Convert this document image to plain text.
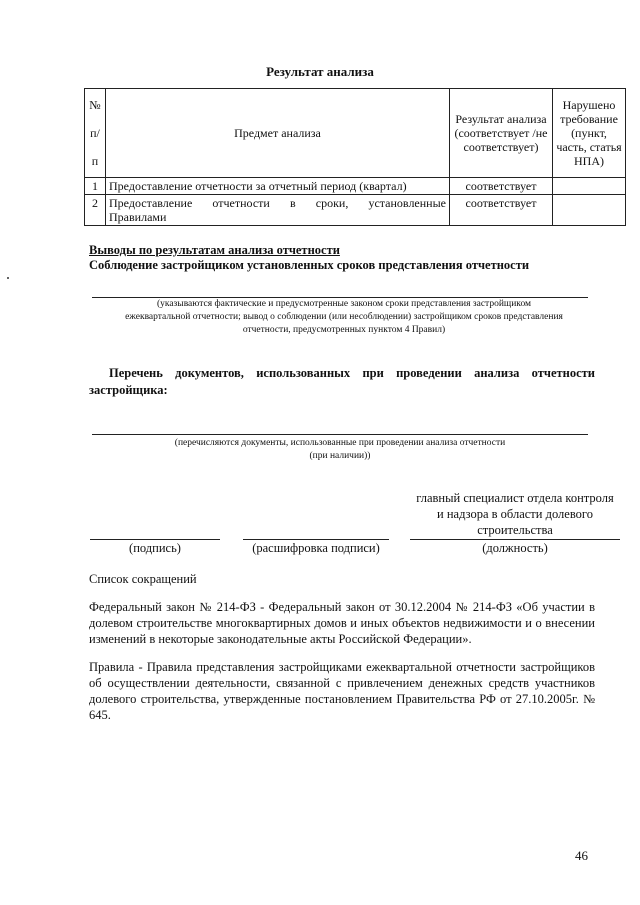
Результат анализа
№
п/
п	Предмет анализа	Результат анализа (соответствует /не соответствует)	Нарушено требование (пункт, часть, статья НПА)
1	Предоставление отчетности за отчетный период (квартал)	соответствует	
2	Предоставление отчетности в сроки, установленные
Правилами	соответствует	
Выводы по результатам анализа отчетности
Соблюдение застройщиком установленных сроков представления отчетности
(указываются фактические и предусмотренные законом сроки представления застройщиком
ежеквартальной отчетности; вывод о соблюдении (или несоблюдении) застройщиком сроков представления
отчетности, предусмотренных пунктом 4 Правил)
Перечень документов, использованных при проведении анализа отчетности застройщика:
(перечисляются документы, использованные при проведении анализа отчетности
(при наличии))
главный специалист отдела контроля
и надзора в области долевого
строительства
(подпись)	(расшифровка подписи)	(должность)
Список сокращений
Федеральный закон № 214-ФЗ - Федеральный закон от 30.12.2004 № 214-ФЗ «Об участии в долевом строительстве многоквартирных домов и иных объектов недвижимости и о внесении изменений в некоторые законодательные акты Российской Федерации».
Правила - Правила представления застройщиками ежеквартальной отчетности застройщиков об осуществлении деятельности, связанной с привлечением денежных средств участников долевого строительства, утвержденные постановлением Правительства РФ от 27.10.2005г. № 645.
46
